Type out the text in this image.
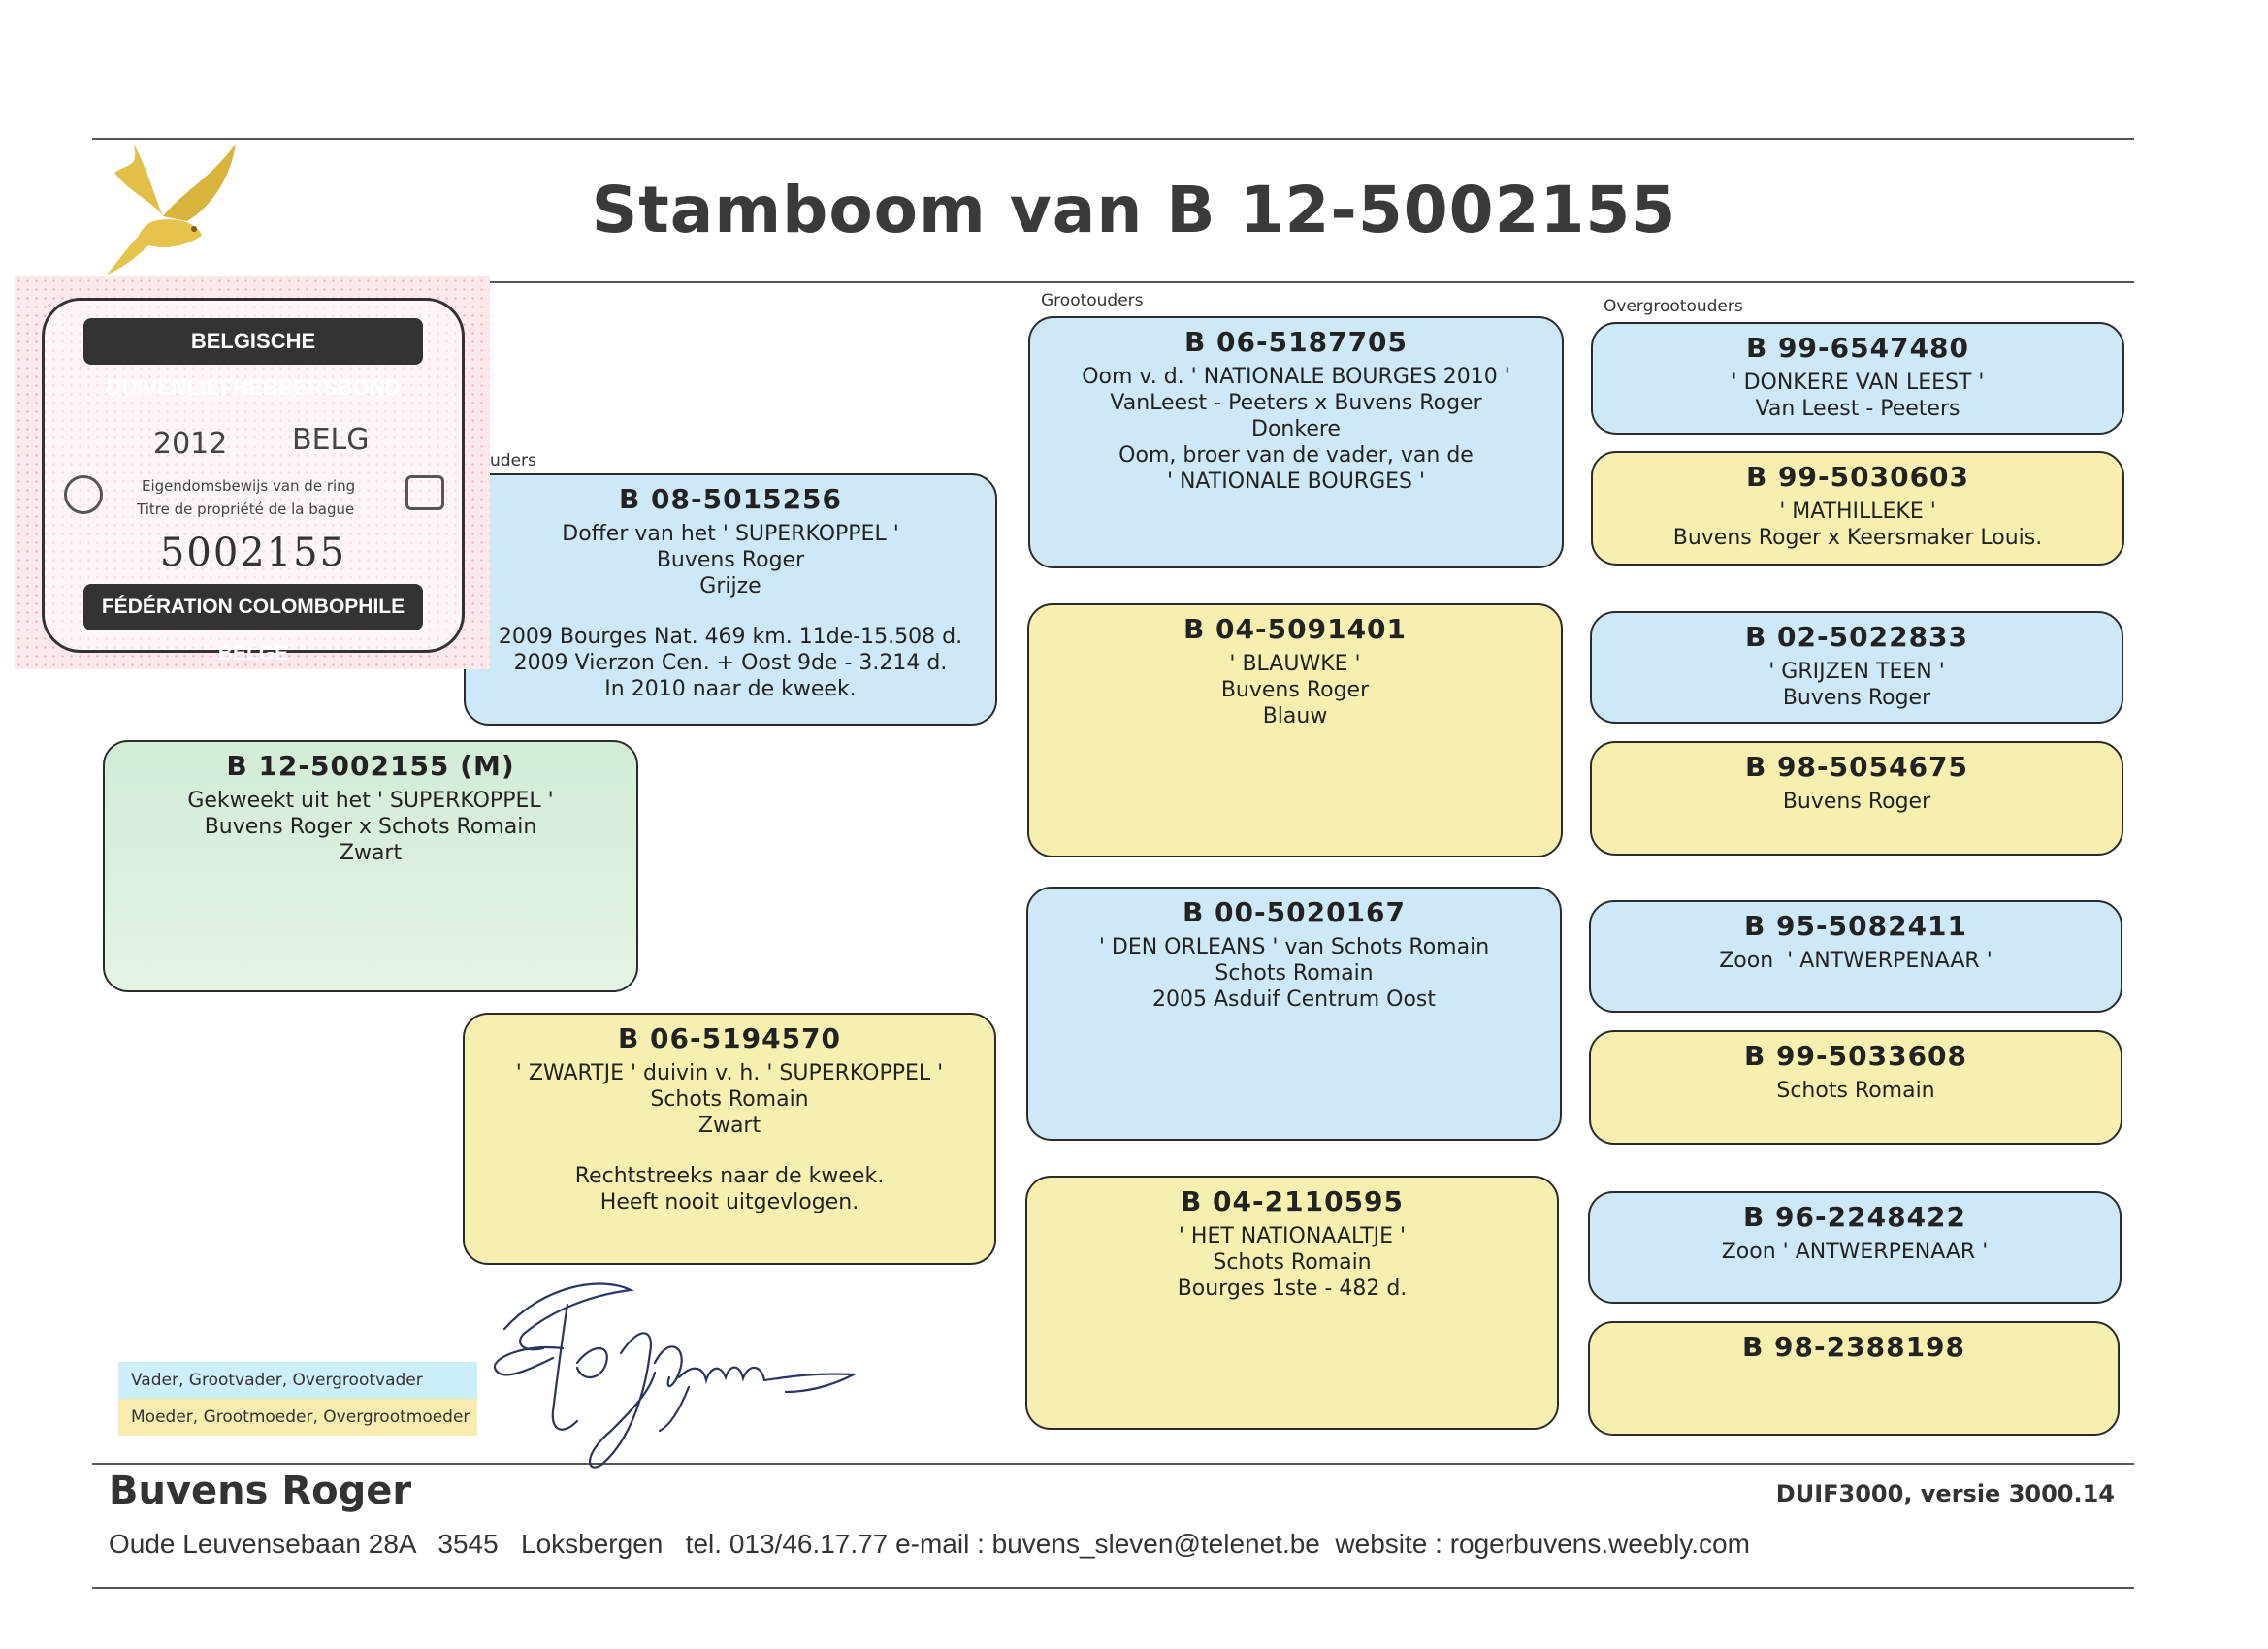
Stamboom van B 12-5002155
uders
Grootouders	Overgrootouders
B 08-5015256
Doffer van het ' SUPERKOPPEL '
Buvens Roger
Grijze
2009 Bourges Nat. 469 km. 11de-15.508 d.
2009 Vierzon Cen. + Oost 9de - 3.214 d.
In 2010 naar de kweek.
BELGISCHE DUIVENLIEFHEBBERSBOND
2012 BELG
Eigendomsbewijs van de ring
Titre de propriété de la bague
5002155
FÉDÉRATION COLOMBOPHILE BELGE
B 12-5002155 (M)
Gekweekt uit het ' SUPERKOPPEL '
Buvens Roger x Schots Romain
Zwart
B 06-5194570
' ZWARTJE ' duivin v. h. ' SUPERKOPPEL '
Schots Romain
Zwart
Rechtstreeks naar de kweek.
Heeft nooit uitgevlogen.
B 06-5187705
Oom v. d. ' NATIONALE BOURGES 2010 '
VanLeest - Peeters x Buvens Roger
Donkere
Oom, broer van de vader, van de
' NATIONALE BOURGES '
B 04-5091401
' BLAUWKE '
Buvens Roger
Blauw
B 00-5020167
' DEN ORLEANS ' van Schots Romain
Schots Romain
2005 Asduif Centrum Oost
B 04-2110595
' HET NATIONAALTJE '
Schots Romain
Bourges 1ste - 482 d.
B 99-6547480
' DONKERE VAN LEEST '
Van Leest - Peeters
B 99-5030603
' MATHILLEKE '
Buvens Roger x Keersmaker Louis.
B 02-5022833
' GRIJZEN TEEN '
Buvens Roger
B 98-5054675
Buvens Roger
B 95-5082411
Zoon  ' ANTWERPENAAR '
B 99-5033608
Schots Romain
B 96-2248422
Zoon ' ANTWERPENAAR '
B 98-2388198
Vader, Grootvader, Overgrootvader
Moeder, Grootmoeder, Overgrootmoeder
Buvens Roger	DUIF3000, versie 3000.14
Oude Leuvensebaan 28A   3545   Loksbergen   tel. 013/46.17.77 e-mail : buvens_sleven@telenet.be  website : rogerbuvens.weebly.com
